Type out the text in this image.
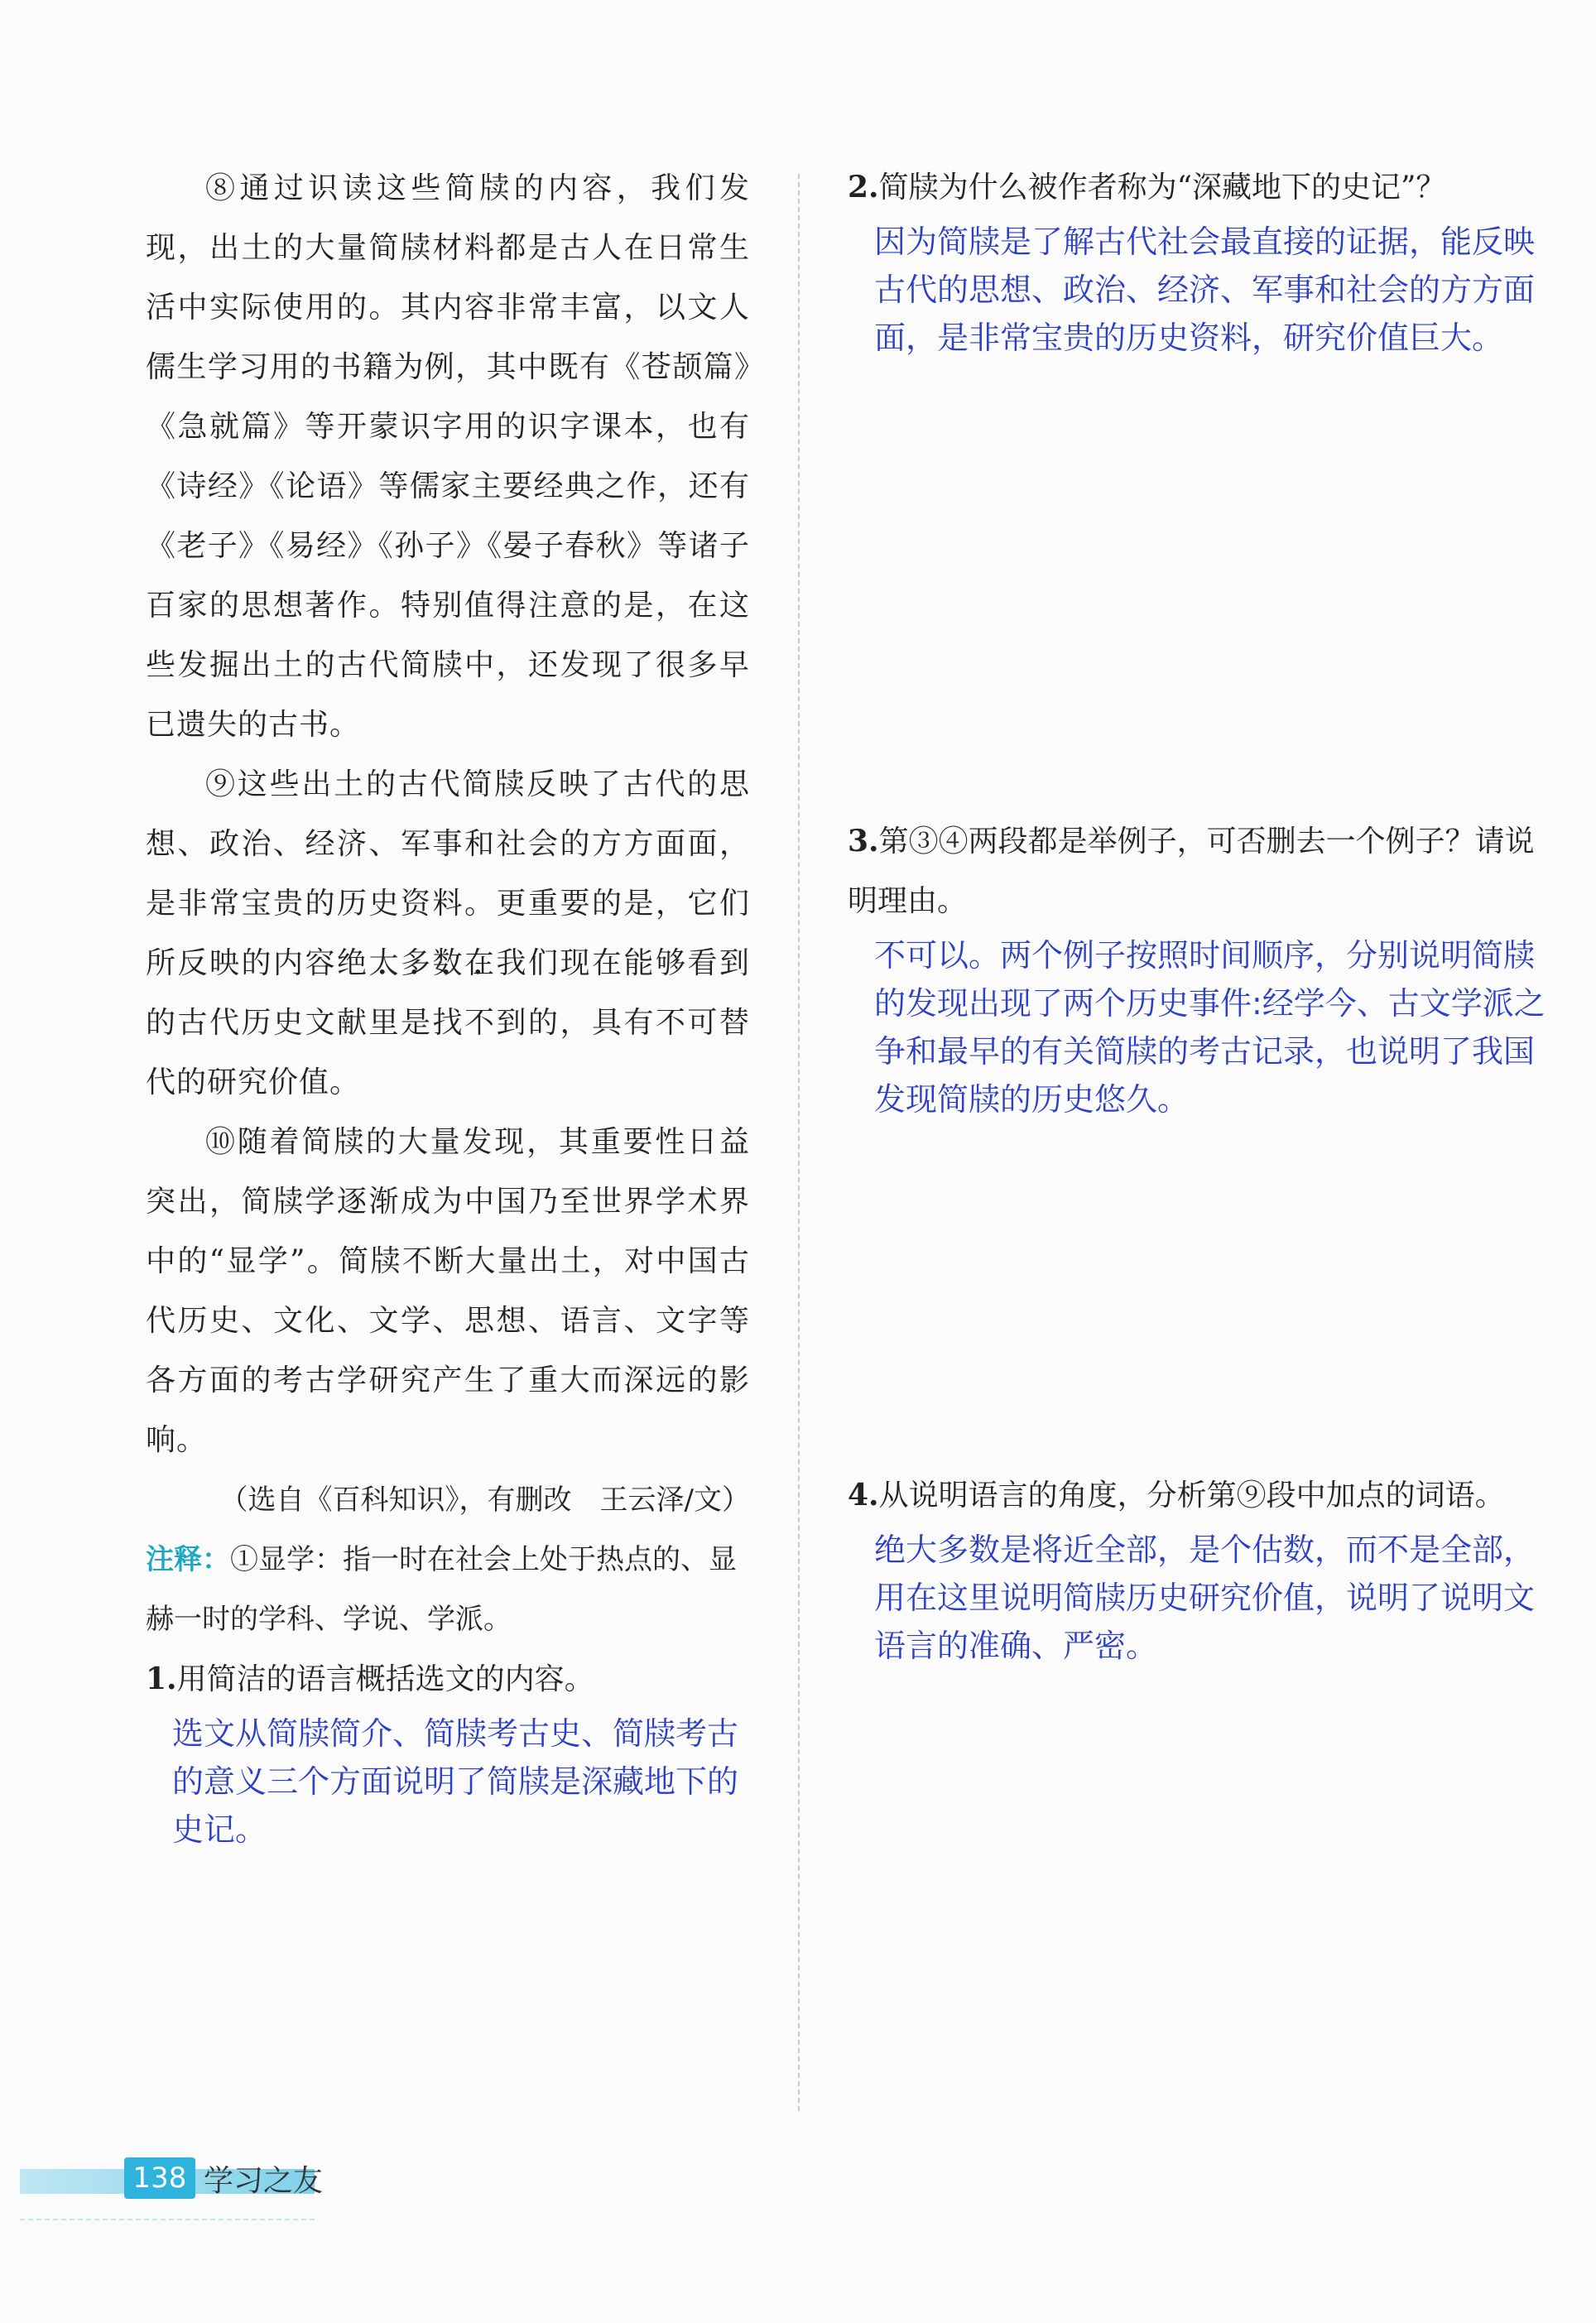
⑧通过识读这些简牍的内容，我们发现，出土的大量简牍材料都是古人在日常生活中实际使用的。其内容非常丰富，以文人儒生学习用的书籍为例，其中既有《苍颉篇》《急就篇》等开蒙识字用的识字课本，也有《诗经》《论语》等儒家主要经典之作，还有《老子》《易经》《孙子》《晏子春秋》等诸子百家的思想著作。特别值得注意的是，在这些发掘出土的古代简牍中，还发现了很多早已遗失的古书。

⑨这些出土的古代简牍反映了古代的思想、政治、经济、军事和社会的方方面面，是非常宝贵的历史资料。更重要的是，它们所反映的内容绝大多数在我们现在能够看到的古代历史文献里是找不到的，具有不可替代的研究价值。

⑩随着简牍的大量发现，其重要性日益突出，简牍学逐渐成为中国乃至世界学术界中的“显学”。简牍不断大量出土，对中国古代历史、文化、文学、思想、语言、文字等各方面的考古学研究产生了重大而深远的影响。

（选自《百科知识》，有删改　王云泽/文）

注释：①显学：指一时在社会上处于热点的、显赫一时的学科、学说、学派。

1.用简洁的语言概括选文的内容。

选文从简牍简介、简牍考古史、简牍考古的意义三个方面说明了简牍是深藏地下的史记。

2.简牍为什么被作者称为“深藏地下的史记”？

因为简牍是了解古代社会最直接的证据，能反映古代的思想、政治、经济、军事和社会的方方面面，是非常宝贵的历史资料，研究价值巨大。

3.第③④两段都是举例子，可否删去一个例子？请说明理由。

不可以。两个例子按照时间顺序，分别说明简牍的发现出现了两个历史事件:经学今、古文学派之争和最早的有关简牍的考古记录，也说明了我国发现简牍的历史悠久。

4.从说明语言的角度，分析第⑨段中加点的词语。

绝大多数是将近全部，是个估数，而不是全部，用在这里说明简牍历史研究价值，说明了说明文语言的准确、严密。

138 学习之友
